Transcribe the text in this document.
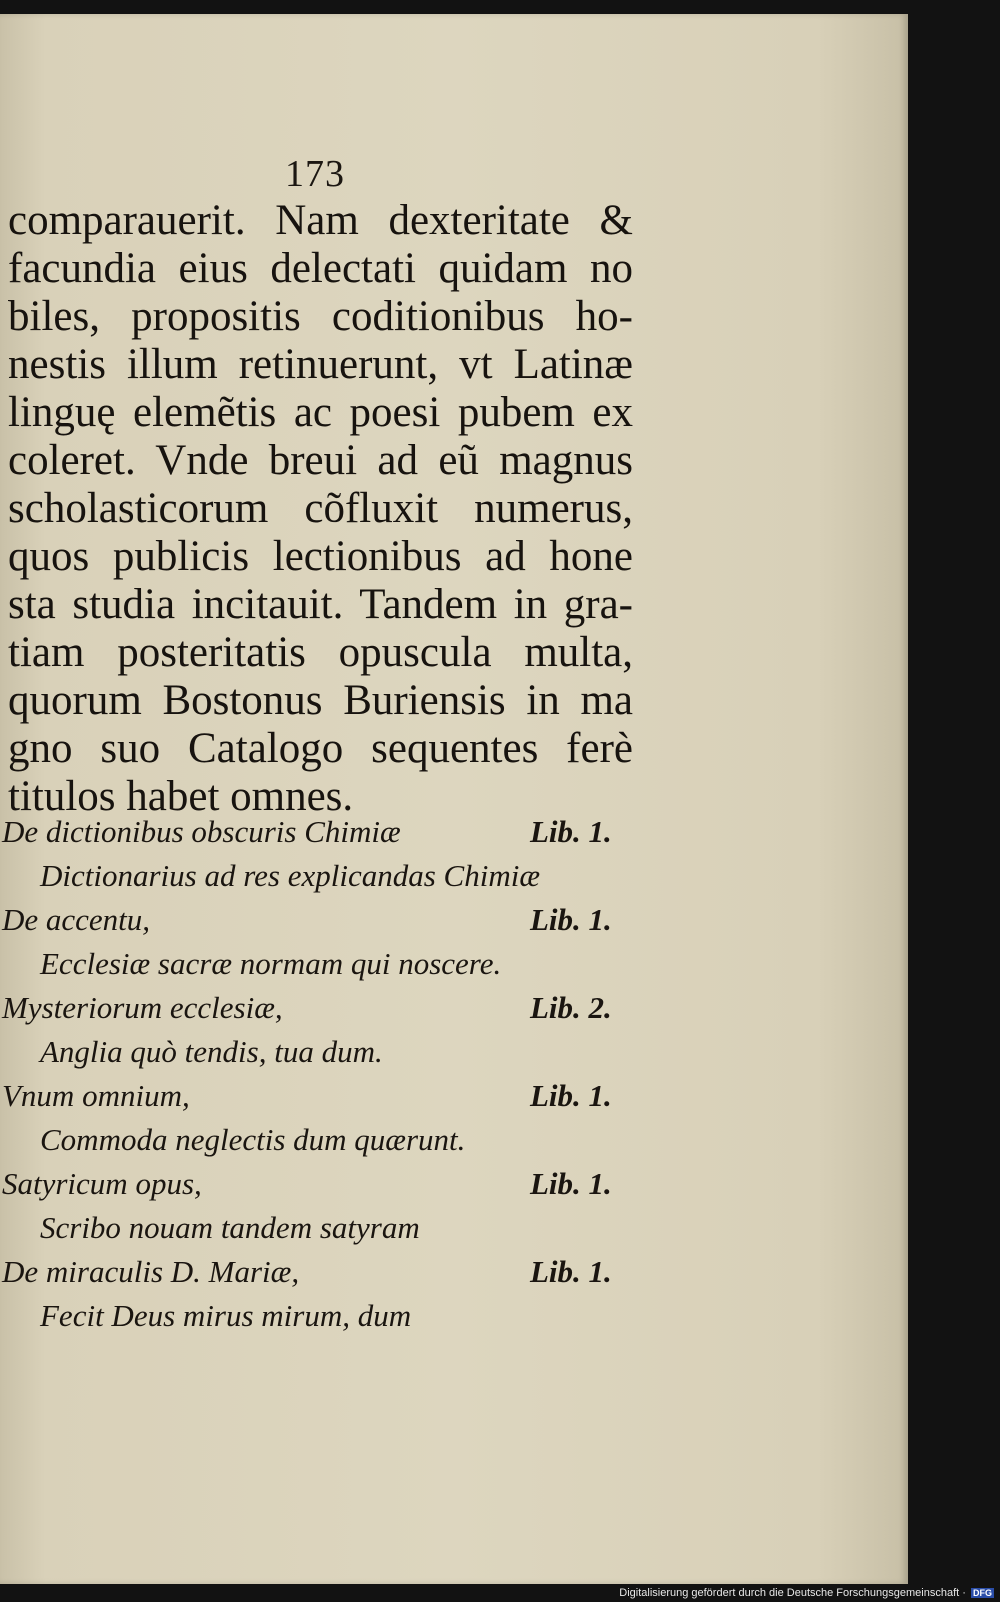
173
comparauerit. Nam dexteritate &
facundia eius delectati quidam no
biles, propositis coditionibus ho-
nestis illum retinuerunt, vt Latinæ
linguę elemẽtis ac poesi pubem ex
coleret. Vnde breui ad eũ magnus
scholasticorum cõfluxit numerus,
quos publicis lectionibus ad hone
sta studia incitauit. Tandem in gra-
tiam posteritatis opuscula multa,
quorum Bostonus Buriensis in ma
gno suo Catalogo sequentes ferè
titulos habet omnes.
De dictionibus obscuris Chimiæ	Lib. 1.
Dictionarius ad res explicandas Chimiæ
De accentu,	Lib. 1.
Ecclesiæ sacræ normam qui noscere.
Mysteriorum ecclesiæ,	Lib. 2.
Anglia quò tendis, tua dum.
Vnum omnium,	Lib. 1.
Commoda neglectis dum quærunt.
Satyricum opus,	Lib. 1.
Scribo nouam tandem satyram
De miraculis D. Mariæ,	Lib. 1.
Fecit Deus mirus mirum, dum
Digitalisierung gefördert durch die Deutsche Forschungsgemeinschaft · DFG
